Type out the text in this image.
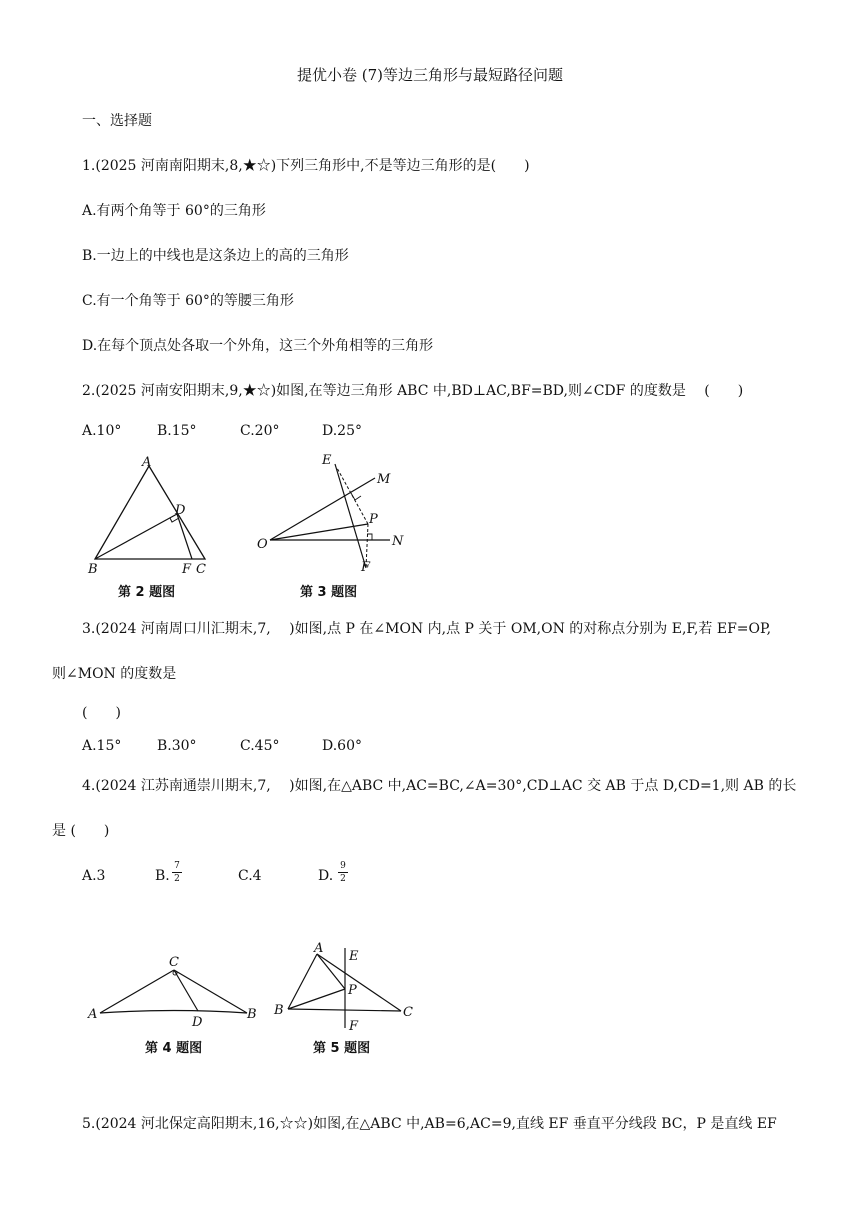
提优小卷 (7)等边三角形与最短路径问题
一、选择题
1.(2025 河南南阳期末,8,★☆)下列三角形中,不是等边三角形的是(　　)
A.有两个角等于 60°的三角形
B.一边上的中线也是这条边上的高的三角形
C.有一个角等于 60°的等腰三角形
D.在每个顶点处各取一个外角，这三个外角相等的三角形
2.(2025 河南安阳期末,9,★☆)如图,在等边三角形 ABC 中,BD⊥AC,BF=BD,则∠CDF 的度数是　 (　　)
A.10°	B.15°	C.20°	D.25°
A
D
B	F C
第 2 题图
E
M
P
O	N
F
第 3 题图
3.(2024 河南周口川汇期末,7,　 )如图,点 P 在∠MON 内,点 P 关于 OM,ON 的对称点分别为 E,F,若 EF=OP,
则∠MON 的度数是
(　　)
A.15°	B.30°	C.45°	D.60°
4.(2024 江苏南通崇川期末,7,　 )如图,在△ABC 中,AC=BC,∠A=30°,CD⊥AC 交 AB 于点 D,CD=1,则 AB 的长
是 (　　)
A.3	B.
7
2	C.4	D.
9
2
C
A
D
B
第 4 题图
A
E
P
B	C
F
第 5 题图
5.(2024 河北保定高阳期末,16,☆☆)如图,在△ABC 中,AB=6,AC=9,直线 EF 垂直平分线段 BC，P 是直线 EF
